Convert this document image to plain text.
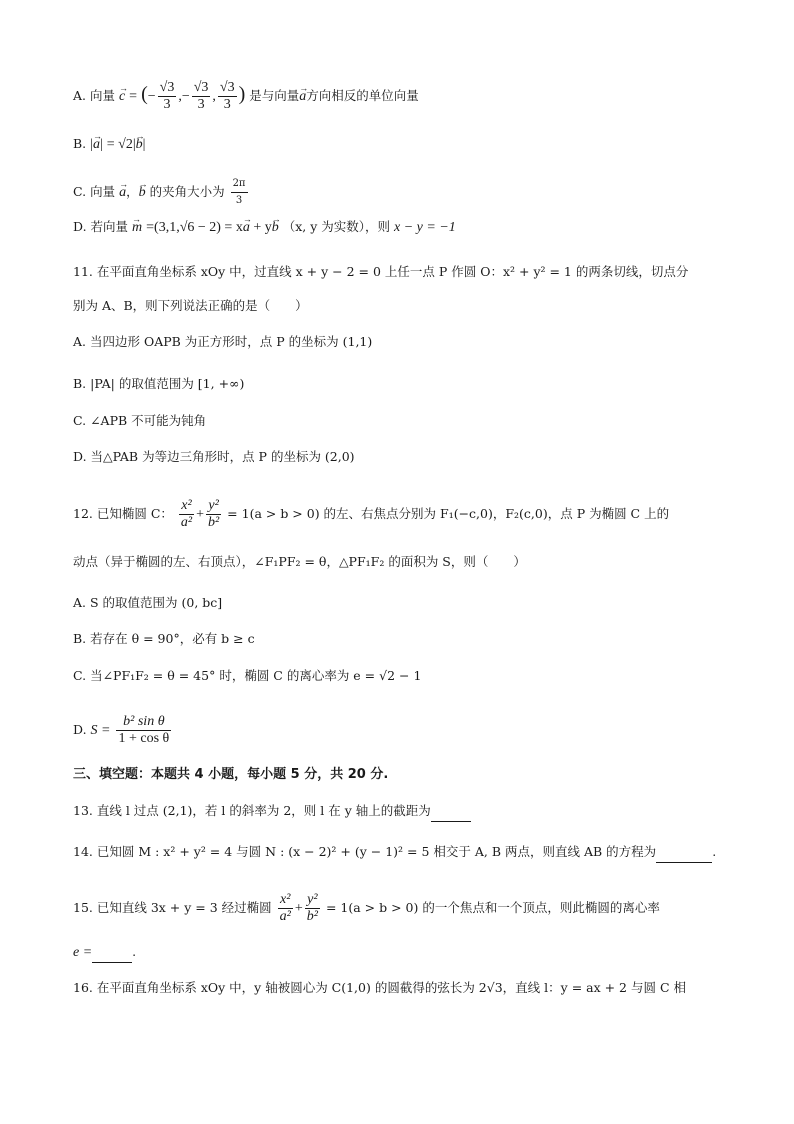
A. 向量 → c = (− $\frac{√3}{3}$ ,− $\frac{√3}{3}$ , $\frac{√3}{3}$ ) 是与向量→ a方向相反的单位向量
B. |→ a| = √2|→ b|
C. 向量 → a，→ b 的夹角大小为 $\frac{2\pi}{3}$
D. 若向量 → m =(3,1,√6 − 2) = x→ a + y→ b （x, y 为实数），则 x − y = −1
11. 在平面直角坐标系 xOy 中，过直线 x + y − 2 = 0 上任一点 P 作圆 O：x² + y² = 1 的两条切线，切点分
别为 A、B，则下列说法正确的是（　　）
A. 当四边形 OAPB 为正方形时，点 P 的坐标为 (1,1)
B. |PA| 的取值范围为 [1, +∞)
C. ∠APB 不可能为钝角
D. 当△PAB 为等边三角形时，点 P 的坐标为 (2,0)
12. 已知椭圆 C： $\frac{\text{x²}}{\text{a²}} + \frac{\text{y²}}{\text{b²}} = 1(a > b > 0)$ 的左、右焦点分别为 F₁(−c,0)，F₂(c,0)，点 P 为椭圆 C 上的
动点（异于椭圆的左、右顶点），∠F₁PF₂ = θ，△PF₁F₂ 的面积为 S，则（　　）
A. S 的取值范围为 (0, bc]
B. 若存在 θ = 90°，必有 b ≥ c
C. 当∠PF₁F₂ = θ = 45° 时，椭圆 C 的离心率为 e = √2 − 1
D. $S = \frac{\text{b² sin θ}}{\text{1 + cos θ}}$
三、填空题：本题共 4 小题，每小题 5 分，共 20 分.
13. 直线 l 过点 (2,1)，若 l 的斜率为 2，则 l 在 y 轴上的截距为
14. 已知圆 M : x² + y² = 4 与圆 N : (x − 2)² + (y − 1)² = 5 相交于 A, B 两点，则直线 AB 的方程为	.
15. 已知直线 3x + y = 3 经过椭圆 $\frac{\text{x²}}{\text{a²}} + \frac{\text{y²}}{\text{b²}} = 1(a > b > 0)$ 的一个焦点和一个顶点，则此椭圆的离心率
e =	.
16. 在平面直角坐标系 xOy 中，y 轴被圆心为 C(1,0) 的圆截得的弦长为 2√3，直线 l：y = ax + 2 与圆 C 相
